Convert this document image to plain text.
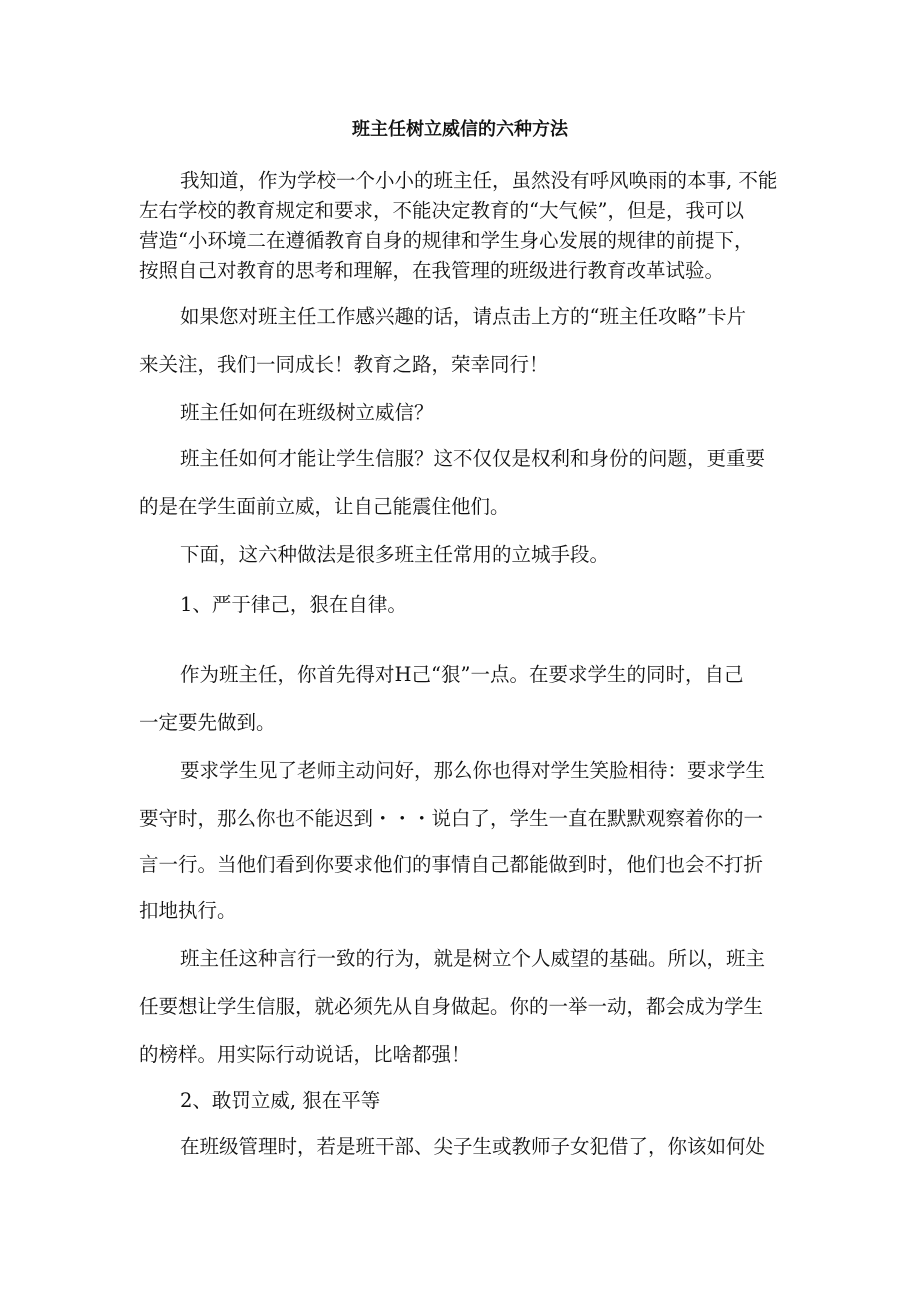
班主任树立威信的六种方法

我知道，作为学校一个小小的班主任，虽然没有呼风唤雨的本事, 不能

左右学校的教育规定和要求，不能决定教育的“大气候”，但是，我可以

营造“小环境二在遵循教育自身的规律和学生身心发展的规律的前提下，

按照自己对教育的思考和理解，在我管理的班级进行教育改革试验。

如果您对班主任工作感兴趣的话，请点击上方的“班主任攻略”卡片

来关注，我们一同成长！教育之路，荣幸同行！

班主任如何在班级树立威信？

班主任如何才能让学生信服？这不仅仅是权利和身份的问题，更重要

的是在学生面前立威，让自己能震住他们。

下面，这六种做法是很多班主任常用的立城手段。

1、严于律己，狠在自律。

作为班主任，你首先得对H己“狠”一点。在要求学生的同时，自己

一定要先做到。

要求学生见了老师主动问好，那么你也得对学生笑脸相待：要求学生

要守时，那么你也不能迟到・・・说白了，学生一直在默默观察着你的一

言一行。当他们看到你要求他们的事情自己都能做到时，他们也会不打折

扣地执行。

班主任这种言行一致的行为，就是树立个人威望的基础。所以，班主

任要想让学生信服，就必须先从自身做起。你的一举一动，都会成为学生

的榜样。用实际行动说话，比啥都强！

2、敢罚立威, 狠在平等

在班级管理时，若是班干部、尖子生或教师子女犯借了，你该如何处
